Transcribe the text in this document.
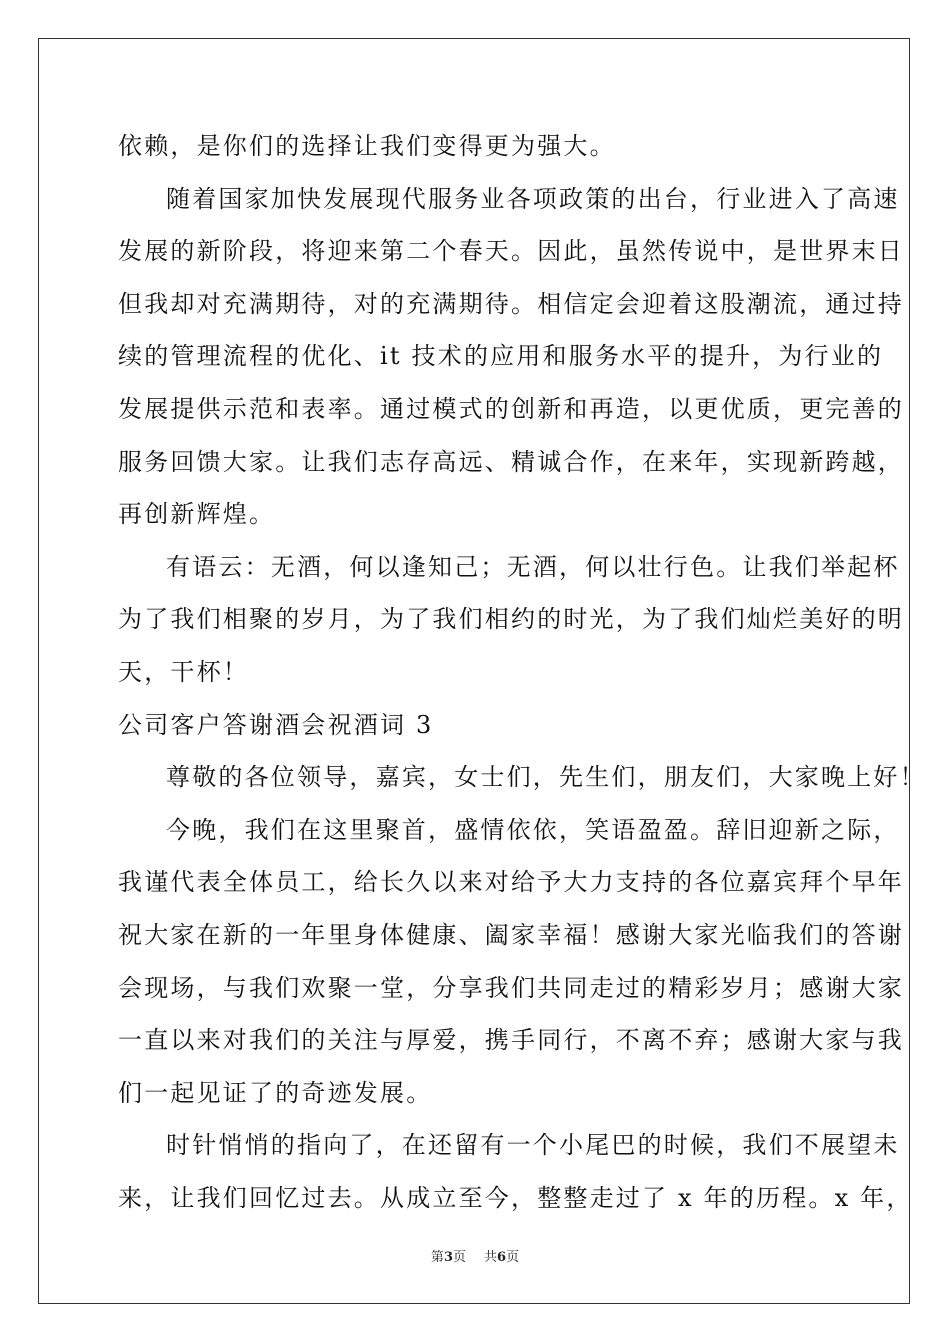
依赖，是你们的选择让我们变得更为强大。
随着国家加快发展现代服务业各项政策的出台，行业进入了高速
发展的新阶段，将迎来第二个春天。因此，虽然传说中，是世界末日
但我却对充满期待，对的充满期待。相信定会迎着这股潮流，通过持
续的管理流程的优化、it 技术的应用和服务水平的提升，为行业的
发展提供示范和表率。通过模式的创新和再造，以更优质，更完善的
服务回馈大家。让我们志存高远、精诚合作，在来年，实现新跨越，
再创新辉煌。
有语云：无酒，何以逢知己；无酒，何以壮行色。让我们举起杯
为了我们相聚的岁月，为了我们相约的时光，为了我们灿烂美好的明
天，干杯！
公司客户答谢酒会祝酒词 3
尊敬的各位领导，嘉宾，女士们，先生们，朋友们，大家晚上好！
今晚，我们在这里聚首，盛情依依，笑语盈盈。辞旧迎新之际，
我谨代表全体员工，给长久以来对给予大力支持的各位嘉宾拜个早年
祝大家在新的一年里身体健康、阖家幸福！感谢大家光临我们的答谢
会现场，与我们欢聚一堂，分享我们共同走过的精彩岁月；感谢大家
一直以来对我们的关注与厚爱，携手同行，不离不弃；感谢大家与我
们一起见证了的奇迹发展。
时针悄悄的指向了，在还留有一个小尾巴的时候，我们不展望未
来，让我们回忆过去。从成立至今，整整走过了 x 年的历程。x 年，
第3页 共6页
